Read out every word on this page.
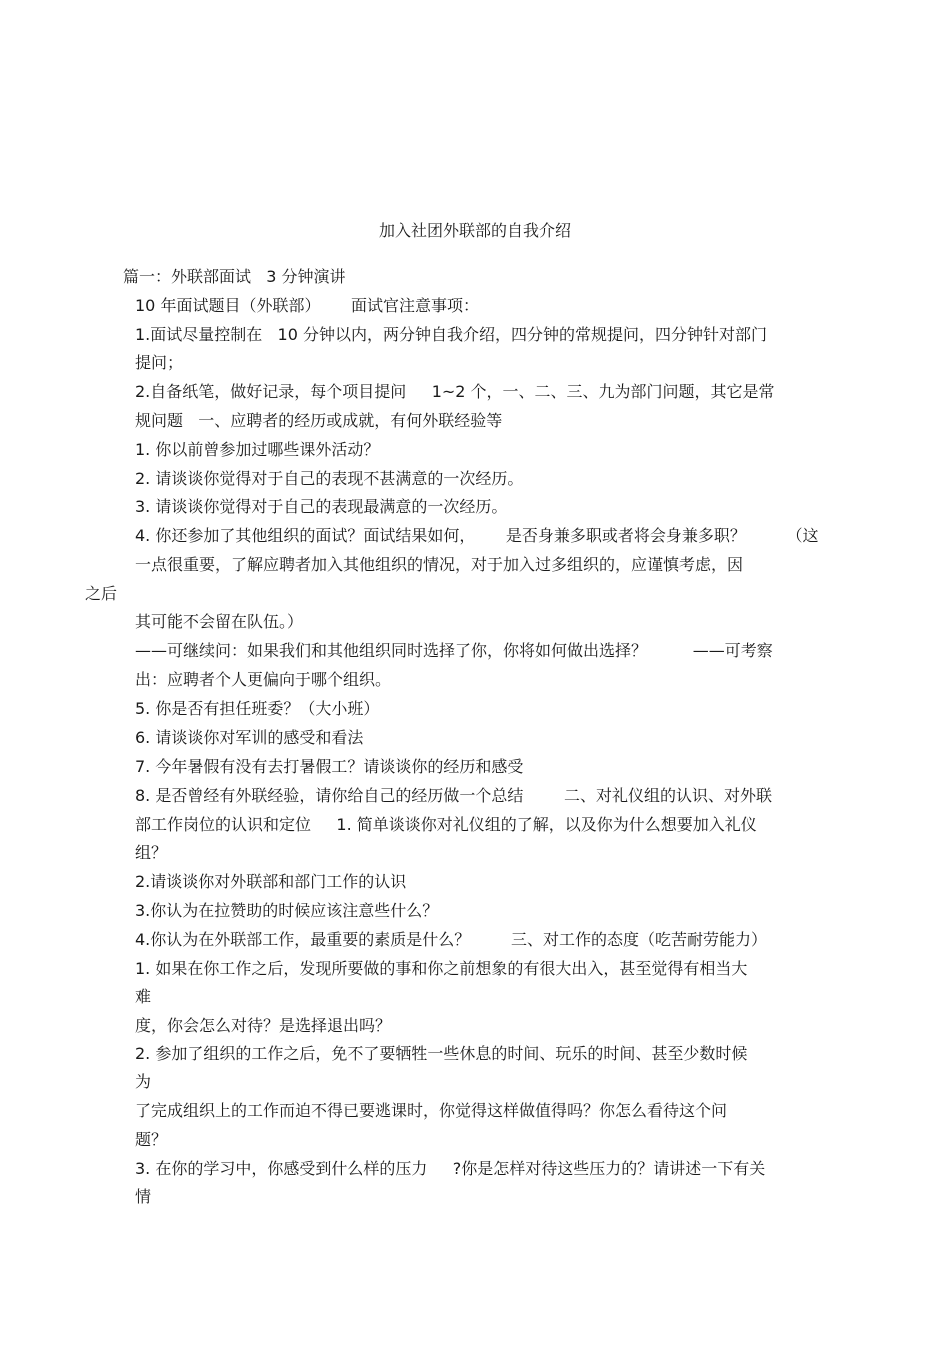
加入社团外联部的自我介绍
篇一：外联部面试   3 分钟演讲
10 年面试题目（外联部）      面试官注意事项：
1.面试尽量控制在   10 分钟以内，两分钟自我介绍，四分钟的常规提问，四分钟针对部门
提问；
2.自备纸笔，做好记录，每个项目提问     1~2 个，一、二、三、九为部门问题，其它是常
规问题   一、应聘者的经历或成就，有何外联经验等
1. 你以前曾参加过哪些课外活动？
2. 请谈谈你觉得对于自己的表现不甚满意的一次经历。
3. 请谈谈你觉得对于自己的表现最满意的一次经历。
4. 你还参加了其他组织的面试？面试结果如何，      是否身兼多职或者将会身兼多职？        （这
一点很重要，了解应聘者加入其他组织的情况，对于加入过多组织的，应谨慎考虑，因
之后
其可能不会留在队伍。）
——可继续问：如果我们和其他组织同时选择了你，你将如何做出选择？         ——可考察
出：应聘者个人更偏向于哪个组织。
5. 你是否有担任班委？（大小班）
6. 请谈谈你对军训的感受和看法
7. 今年暑假有没有去打暑假工？请谈谈你的经历和感受
8. 是否曾经有外联经验，请你给自己的经历做一个总结        二、对礼仪组的认识、对外联
部工作岗位的认识和定位     1. 简单谈谈你对礼仪组的了解，以及你为什么想要加入礼仪
组？
2.请谈谈你对外联部和部门工作的认识
3.你认为在拉赞助的时候应该注意些什么？
4.你认为在外联部工作，最重要的素质是什么？        三、对工作的态度（吃苦耐劳能力）
1. 如果在你工作之后，发现所要做的事和你之前想象的有很大出入，甚至觉得有相当大
难
度，你会怎么对待？是选择退出吗？
2. 参加了组织的工作之后，免不了要牺牲一些休息的时间、玩乐的时间、甚至少数时候
为
了完成组织上的工作而迫不得已要逃课时，你觉得这样做值得吗？你怎么看待这个问
题？
3. 在你的学习中，你感受到什么样的压力     ?你是怎样对待这些压力的？请讲述一下有关
情
